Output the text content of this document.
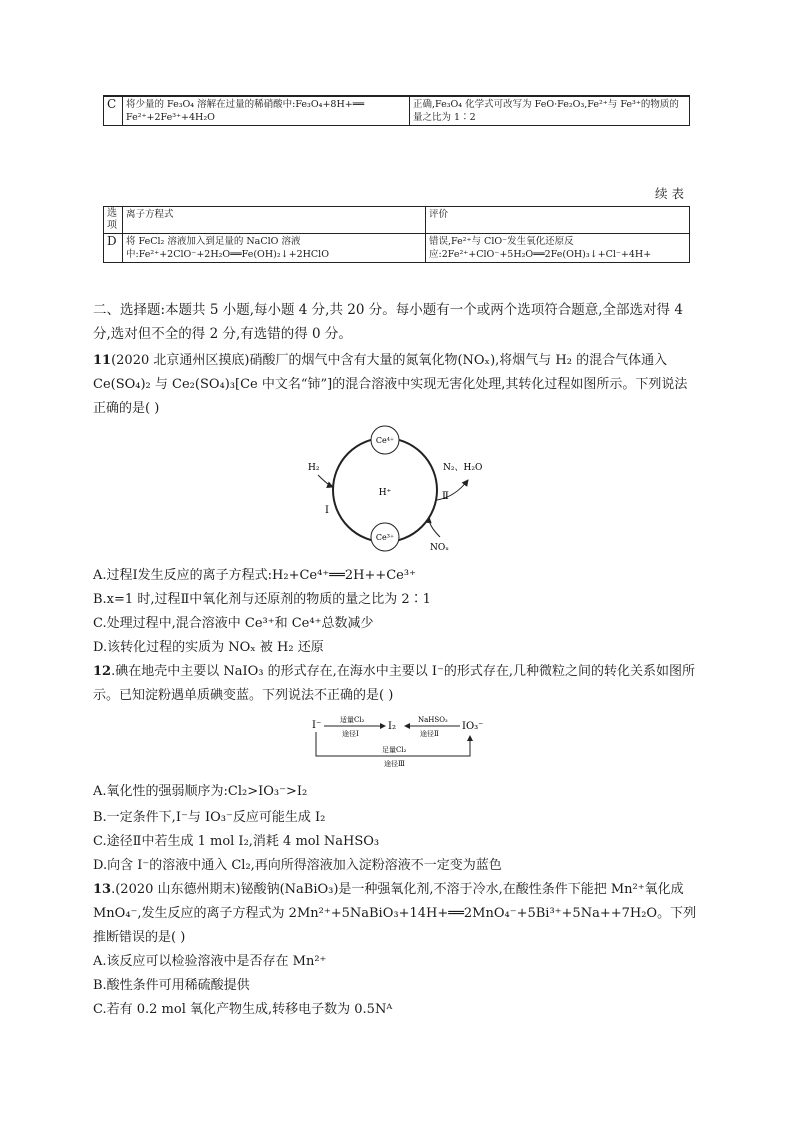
C	将少量的 Fe₃O₄ 溶解在过量的稀硝酸中:Fe₃O₄+8H+══ Fe²⁺+2Fe³⁺+4H₂O	正确,Fe₃O₄ 化学式可改写为 FeO·Fe₂O₃,Fe²⁺与 Fe³⁺的物质的量之比为 1∶2
续 表
选项	离子方程式	评价
D	将 FeCl₂ 溶液加入到足量的 NaClO 溶液中:Fe²⁺+2ClO⁻+2H₂O══Fe(OH)₂↓+2HClO	错误,Fe²⁺与 ClO⁻发生氧化还原反应:2Fe²⁺+ClO⁻+5H₂O══2Fe(OH)₃↓+Cl⁻+4H+
二、选择题:本题共 5 小题,每小题 4 分,共 20 分。每小题有一个或两个选项符合题意,全部选对得 4 分,选对但不全的得 2 分,有选错的得 0 分。
11(2020 北京通州区摸底)硝酸厂的烟气中含有大量的氮氧化物(NOₓ),将烟气与 H₂ 的混合气体通入 Ce(SO₄)₂ 与 Ce₂(SO₄)₃[Ce 中文名“铈”]的混合溶液中实现无害化处理,其转化过程如图所示。下列说法正确的是( )
Ce⁴⁺
Ce³⁺
H⁺
H₂
Ⅰ
N₂、H₂O
Ⅱ
NOₓ
A.过程Ⅰ发生反应的离子方程式:H₂+Ce⁴⁺══2H++Ce³⁺
B.x=1 时,过程Ⅱ中氧化剂与还原剂的物质的量之比为 2∶1
C.处理过程中,混合溶液中 Ce³⁺和 Ce⁴⁺总数减少
D.该转化过程的实质为 NOₓ 被 H₂ 还原
12.碘在地壳中主要以 NaIO₃ 的形式存在,在海水中主要以 I⁻的形式存在,几种微粒之间的转化关系如图所示。已知淀粉遇单质碘变蓝。下列说法不正确的是( )
I⁻	适量Cl₂
途径Ⅰ
I₂
NaHSO₃
途径Ⅱ
IO₃⁻
足量Cl₂
途径Ⅲ
A.氧化性的强弱顺序为:Cl₂>IO₃⁻>I₂
B.一定条件下,I⁻与 IO₃⁻反应可能生成 I₂
C.途径Ⅱ中若生成 1 mol I₂,消耗 4 mol NaHSO₃
D.向含 I⁻的溶液中通入 Cl₂,再向所得溶液加入淀粉溶液不一定变为蓝色
13.(2020 山东德州期末)铋酸钠(NaBiO₃)是一种强氧化剂,不溶于冷水,在酸性条件下能把 Mn²⁺氧化成 MnO₄⁻,发生反应的离子方程式为 2Mn²⁺+5NaBiO₃+14H+══2MnO₄⁻+5Bi³⁺+5Na++7H₂O。下列推断错误的是( )
A.该反应可以检验溶液中是否存在 Mn²⁺
B.酸性条件可用稀硫酸提供
C.若有 0.2 mol 氧化产物生成,转移电子数为 0.5Nᴬ
